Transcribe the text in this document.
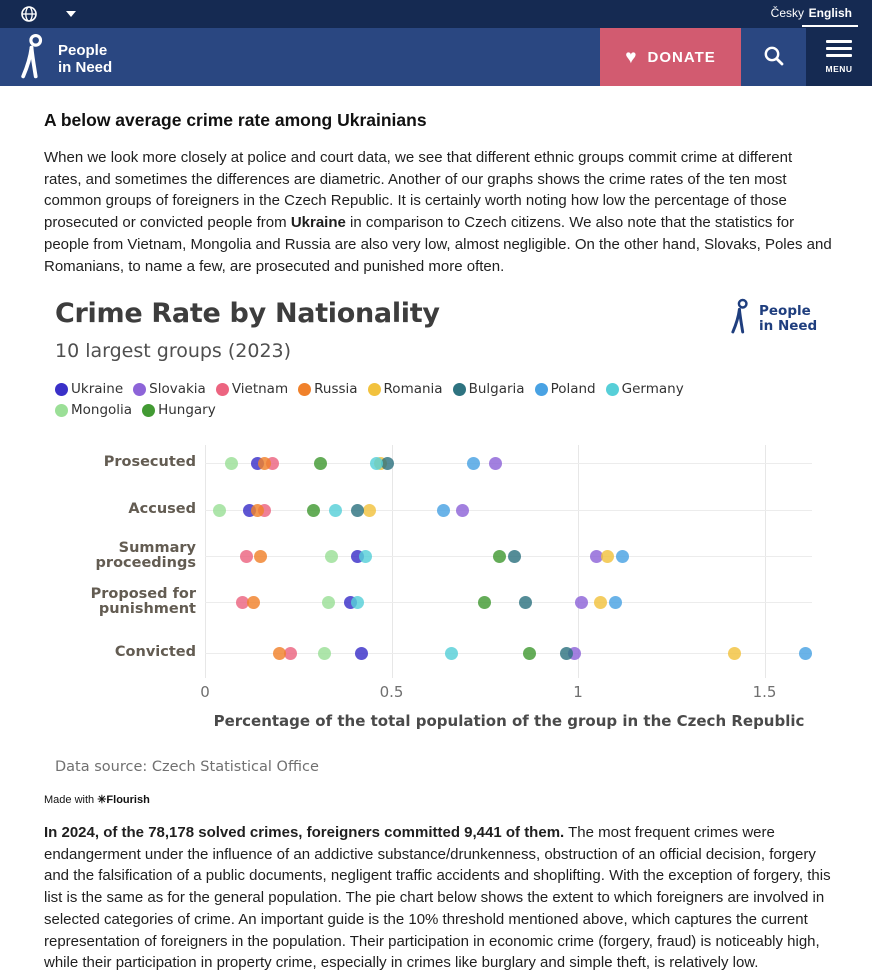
Česky English
People
in Need	♥ DONATE
MENU
A below average crime rate among Ukrainians

When we look more closely at police and court data, we see that different ethnic groups commit crime at different rates, and sometimes the differences are diametric. Another of our graphs shows the crime rates of the ten most common groups of foreigners in the Czech Republic. It is certainly worth noting how low the percentage of those prosecuted or convicted people from Ukraine in comparison to Czech citizens. We also note that the statistics for people from Vietnam, Mongolia and Russia are also very low, almost negligible. On the other hand, Slovaks, Poles and Romanians, to name a few, are prosecuted and punished more often.

Crime Rate by Nationality
10 largest groups (2023)
People
in Need
Ukraine Slovakia Vietnam Russia Romania Bulgaria Poland Germany
Mongolia Hungary
Percentage of the total population of the group in the Czech Republic
0	0.5	1	1.5
Prosecuted
Accused
Summary proceedings
Proposed for punishment
Convicted
Data source: Czech Statistical Office
Made with ✳Flourish

In 2024, of the 78,178 solved crimes, foreigners committed 9,441 of them. The most frequent crimes were endangerment under the influence of an addictive substance/drunkenness, obstruction of an official decision, forgery and the falsification of a public documents, negligent traffic accidents and shoplifting. With the exception of forgery, this list is the same as for the general population. The pie chart below shows the extent to which foreigners are involved in selected categories of crime. An important guide is the 10% threshold mentioned above, which captures the current representation of foreigners in the population. Their participation in economic crime (forgery, fraud) is noticeably high, while their participation in property crime, especially in crimes like burglary and simple theft, is relatively low.
